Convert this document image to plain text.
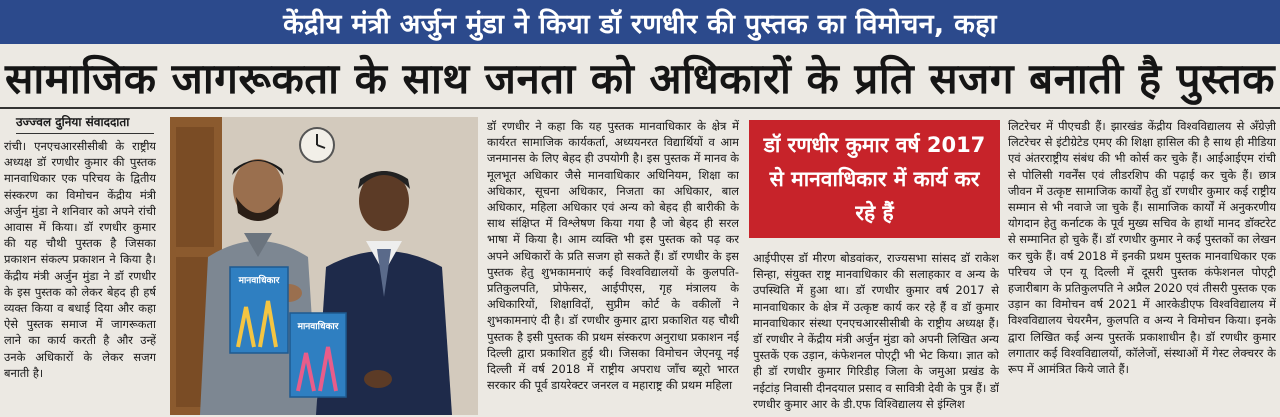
केंद्रीय मंत्री अर्जुन मुंडा ने किया डॉ रणधीर की पुस्तक का विमोचन, कहा
सामाजिक जागरूकता के साथ जनता को अधिकारों के प्रति सजग बनाती है पुस्तक
उज्ज्वल दुनिया संवाददाता

रांची। एनएचआरसीसीबी के राष्ट्रीय अध्यक्ष डॉ रणधीर कुमार की पुस्तक मानवाधिकार एक परिचय के द्वितीय संस्करण का विमोचन केंद्रीय मंत्री अर्जुन मुंडा ने शनिवार को अपने रांची आवास में किया। डॉ रणधीर कुमार की यह चौथी पुस्तक है जिसका प्रकाशन संकल्प प्रकाशन ने किया है। केंद्रीय मंत्री अर्जुन मुंडा ने डॉ रणधीर के इस पुस्तक को लेकर बेहद ही हर्ष व्यक्त किया व बधाई दिया और कहा ऐसे पुस्तक समाज में जागरूकता लाने का कार्य करती है और उन्हें उनके अधिकारों के लेकर सजग बनाती है।

मानवाधिकार
मानवाधिकार

डॉ रणधीर ने कहा कि यह पुस्तक मानवाधिकार के क्षेत्र में कार्यरत सामाजिक कार्यकर्ता, अध्ययनरत विद्यार्थियों व आम जनमानस के लिए बेहद ही उपयोगी है। इस पुस्तक में मानव के मूलभूत अधिकार जैसे मानवाधिकार अधिनियम, शिक्षा का अधिकार, सूचना अधिकार, निजता का अधिकार, बाल अधिकार, महिला अधिकार एवं अन्य को बेहद ही बारीकी के साथ संक्षिप्त में विश्लेषण किया गया है जो बेहद ही सरल भाषा में किया है। आम व्यक्ति भी इस पुस्तक को पढ़ कर अपने अधिकारों के प्रति सजग हो सकते हैं। डॉ रणधीर के इस पुस्तक हेतु शुभकामनाएं कई विश्वविद्यालयों के कुलपति-प्रतिकुलपति, प्रोफेसर, आईपीएस, गृह मंत्रालय के अधिकारियों, शिक्षाविदों, सुप्रीम कोर्ट के वकीलों ने शुभकामनाएं दी है। डॉ रणधीर कुमार द्वारा प्रकाशित यह चौथी पुस्तक है इसी पुस्तक की प्रथम संस्करण अनुराधा प्रकाशन नई दिल्ली द्वारा प्रकाशित हुई थी। जिसका विमोचन जेएनयू नई दिल्ली में वर्ष 2018 में राष्ट्रीय अपराध जाँच ब्यूरो भारत सरकार की पूर्व डायरेक्टर जनरल व महाराष्ट्र की प्रथम महिला

डॉ रणधीर कुमार वर्ष 2017 से मानवाधिकार में कार्य कर रहे हैं

आईपीएस डॉ मीरण बोडवांकर, राज्यसभा सांसद डॉ राकेश सिन्हा, संयुक्त राष्ट्र मानवाधिकार की सलाहकार व अन्य के उपस्थिति में हुआ था। डॉ रणधीर कुमार वर्ष 2017 से मानवाधिकार के क्षेत्र में उत्कृष्ट कार्य कर रहे हैं व डॉ कुमार मानवाधिकार संस्था एनएचआरसीसीबी के राष्ट्रीय अध्यक्ष हैं। डॉ रणधीर ने केंद्रीय मंत्री अर्जुन मुंडा को अपनी लिखित अन्य पुस्तकें एक उड़ान, कंफेशनल पोएट्री भी भेट किया। ज्ञात को ही डॉ रणधीर कुमार गिरिडीह जिला के जमुआ प्रखंड के नईटांड़ निवासी दीनदयाल प्रसाद व सावित्री देवी के पुत्र हैं। डॉ रणधीर कुमार आर के डी.एफ विश्विद्यालय से इंग्लिश

लिटरेचर में पीएचडी हैं। झारखंड केंद्रीय विश्वविद्यालय से अँग्रेज़ी लिटरेचर से इंटीग्रेटेड एमए की शिक्षा हासिल की है साथ ही मीडिया एवं अंतरराष्ट्रीय संबंध की भी कोर्स कर चुके हैं। आईआईएम रांची से पोलिसी गवर्नेंस एवं लीडरशिप की पढ़ाई कर चुके हैं। छात्र जीवन में उत्कृष्ट सामाजिक कार्यों हेतु डॉ रणधीर कुमार कई राष्ट्रीय सम्मान से भी नवाजे जा चुके हैं। सामाजिक कार्यों में अनुकरणीय योगदान हेतु कर्नाटक के पूर्व मुख्य सचिव के हाथों मानद डॉक्टरेट से सम्मानित हो चुके हैं। डॉ रणधीर कुमार ने कई पुस्तकों का लेखन कर चुके हैं। वर्ष 2018 में इनकी प्रथम पुस्तक मानवाधिकार एक परिचय जे एन यू दिल्ली में दूसरी पुस्तक कंफेशनल पोएट्री हजारीबाग के प्रतिकुलपति ने अप्रैल 2020 एवं तीसरी पुस्तक एक उड़ान का विमोचन वर्ष 2021 में आरकेडीएफ विश्वविद्यालय में विश्वविद्यालय चेयरमैन, कुलपति व अन्य ने विमोचन किया। इनके द्वारा लिखित कई अन्य पुस्तकें प्रकाशाधीन है। डॉ रणधीर कुमार लगातार कई विश्वविद्यालयों, कॉलेजों, संस्थाओं में गेस्ट लेक्चरर के रूप में आमंत्रित किये जाते हैं।
